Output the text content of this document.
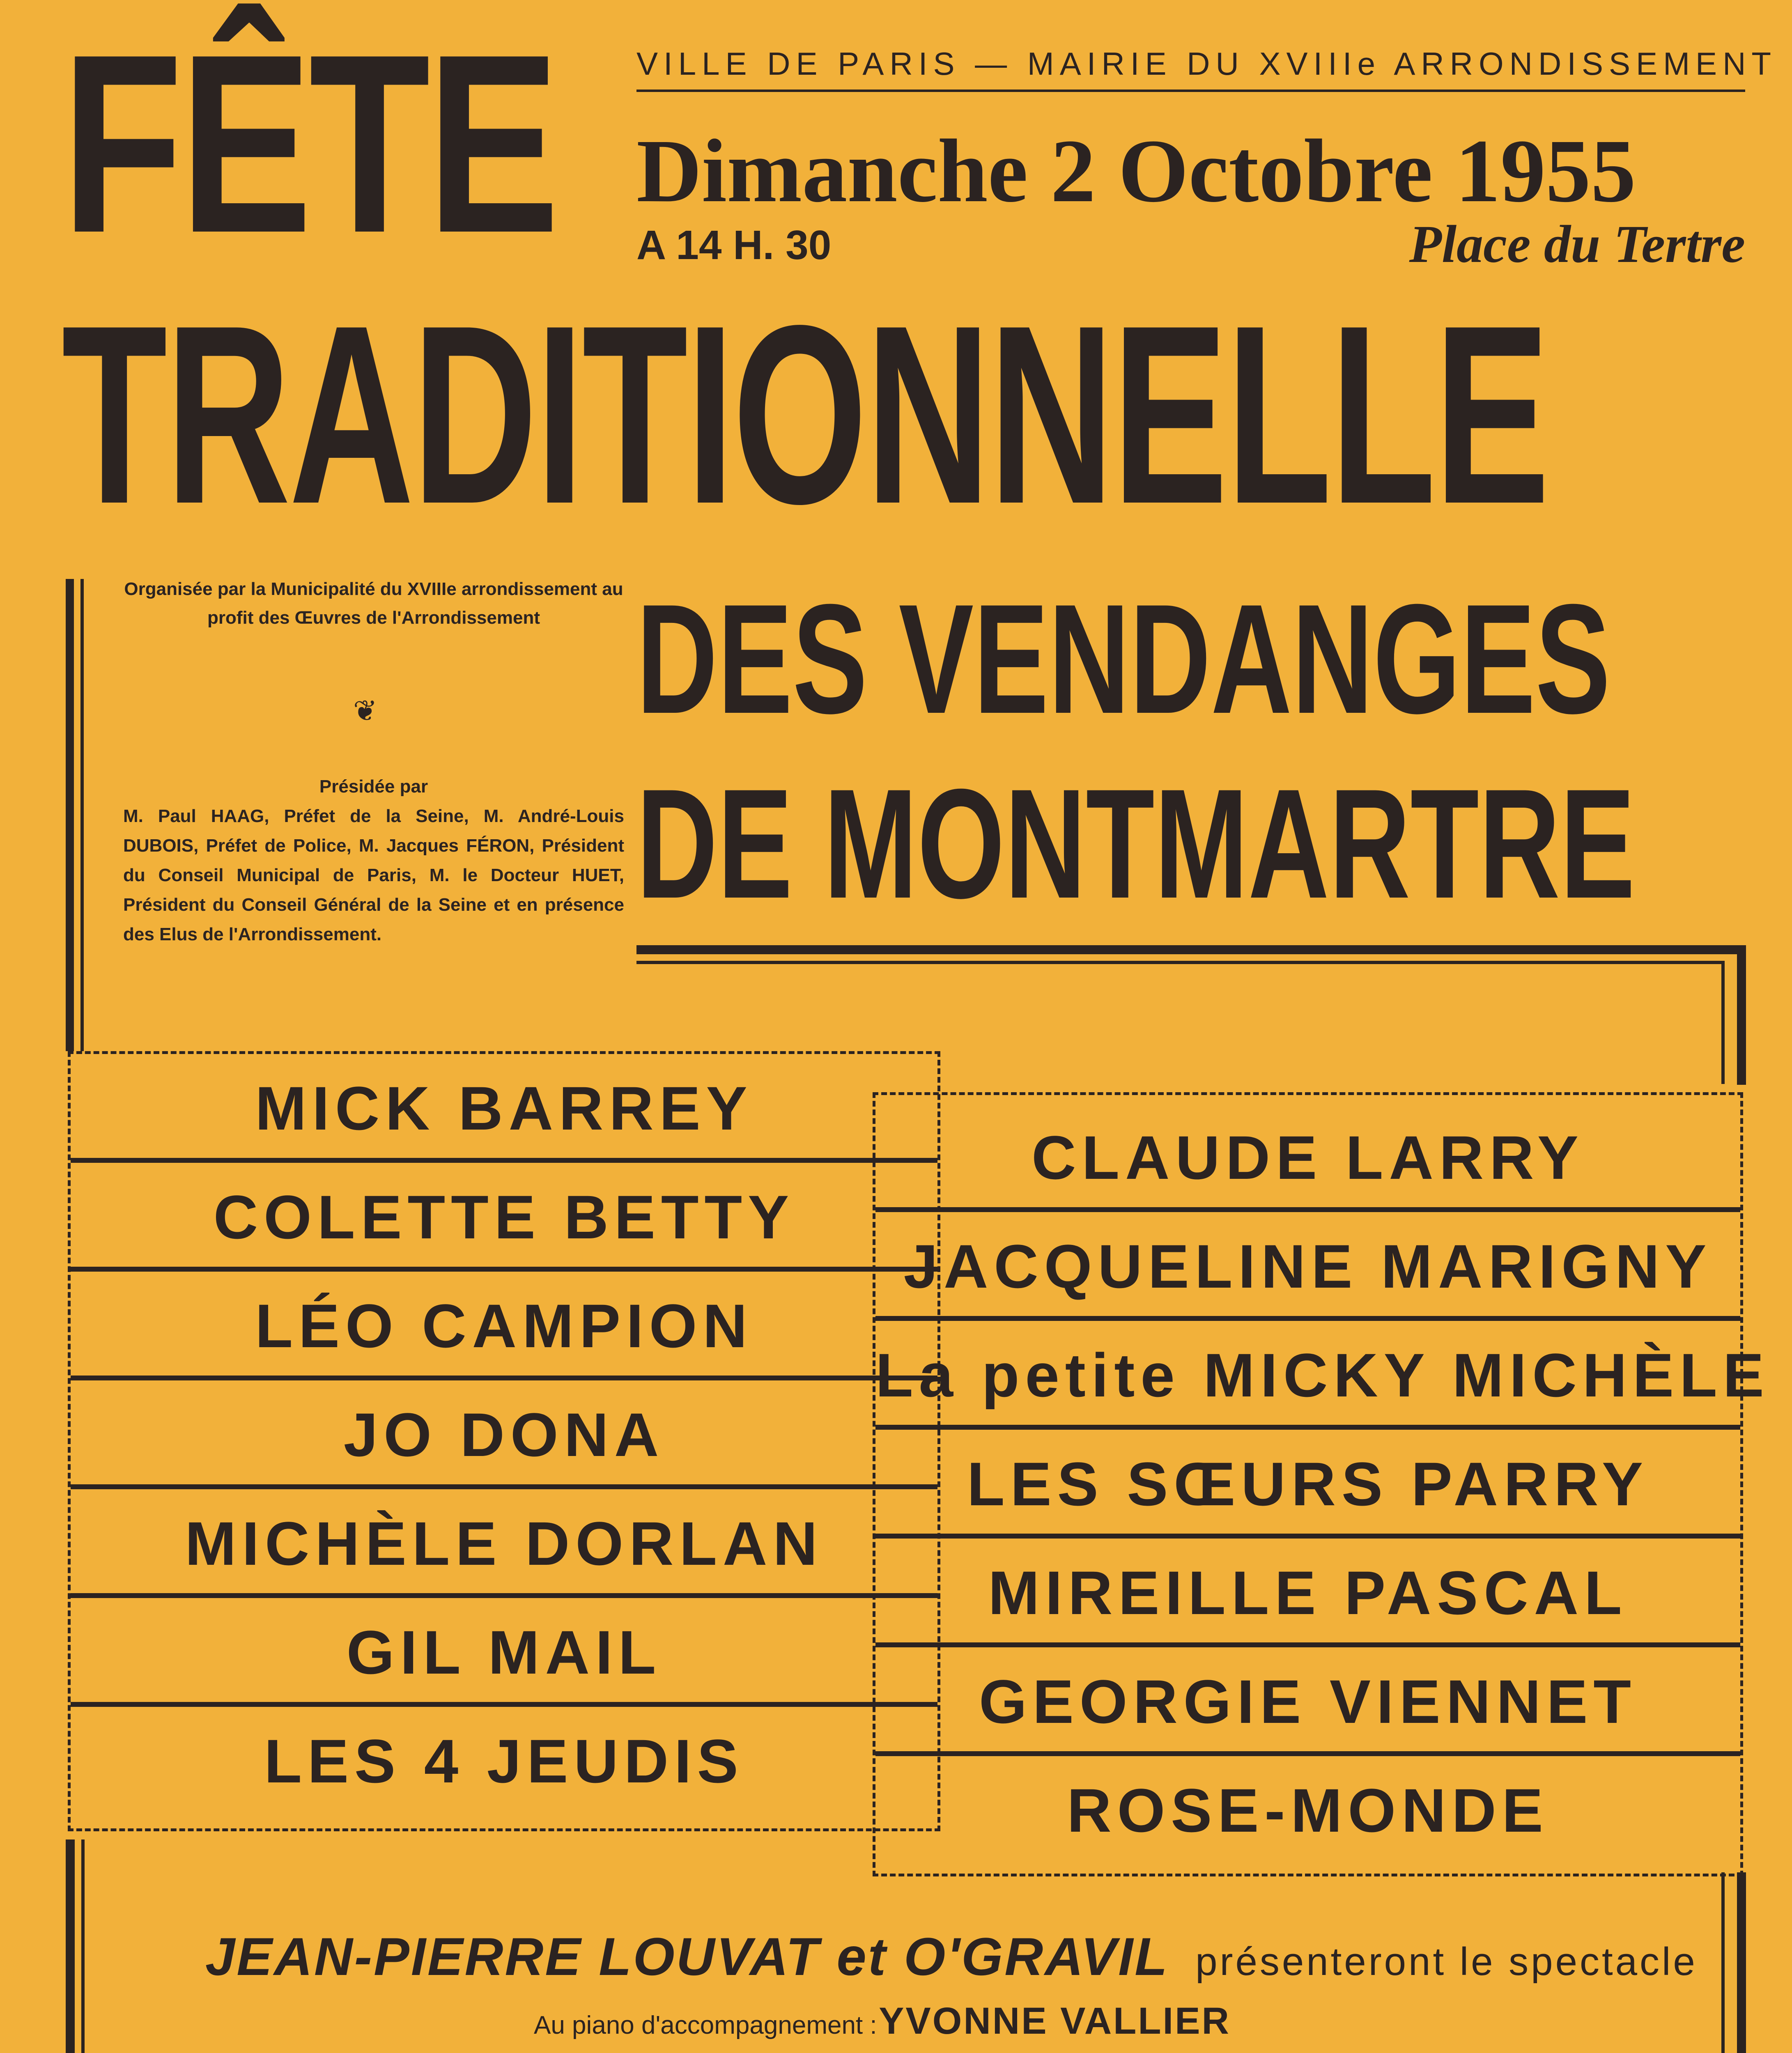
FÊTE
TRADITIONNELLE
VILLE DE PARIS — MAIRIE DU XVIIIe ARRONDISSEMENT
Dimanche 2 Octobre 1955
A 14 H. 30	Place du Tertre
Organisée par la Municipalité du XVIIIe arrondissement au profit des Œuvres de l'Arrondissement
❦
Présidée par
M. Paul HAAG, Préfet de la Seine, M. André-Louis DUBOIS, Préfet de Police, M. Jacques FÉRON, Président du Conseil Municipal de Paris, M. le Docteur HUET, Président du Conseil Général de la Seine et en présence des Elus de l'Arrondissement.
DES VENDANGES
DE MONTMARTRE
MICK BARREY
COLETTE BETTY
LÉO CAMPION
JO DONA
MICHÈLE DORLAN
GIL MAIL
LES 4 JEUDIS
CLAUDE LARRY
JACQUELINE MARIGNY
La petite MICKY MICHÈLE
LES SŒURS PARRY
MIREILLE PASCAL
GEORGIE VIENNET
ROSE-MONDE
JEAN-PIERRE LOUVAT et O'GRAVIL présenteront le spectacle
Au piano d'accompagnement : YVONNE VALLIER
